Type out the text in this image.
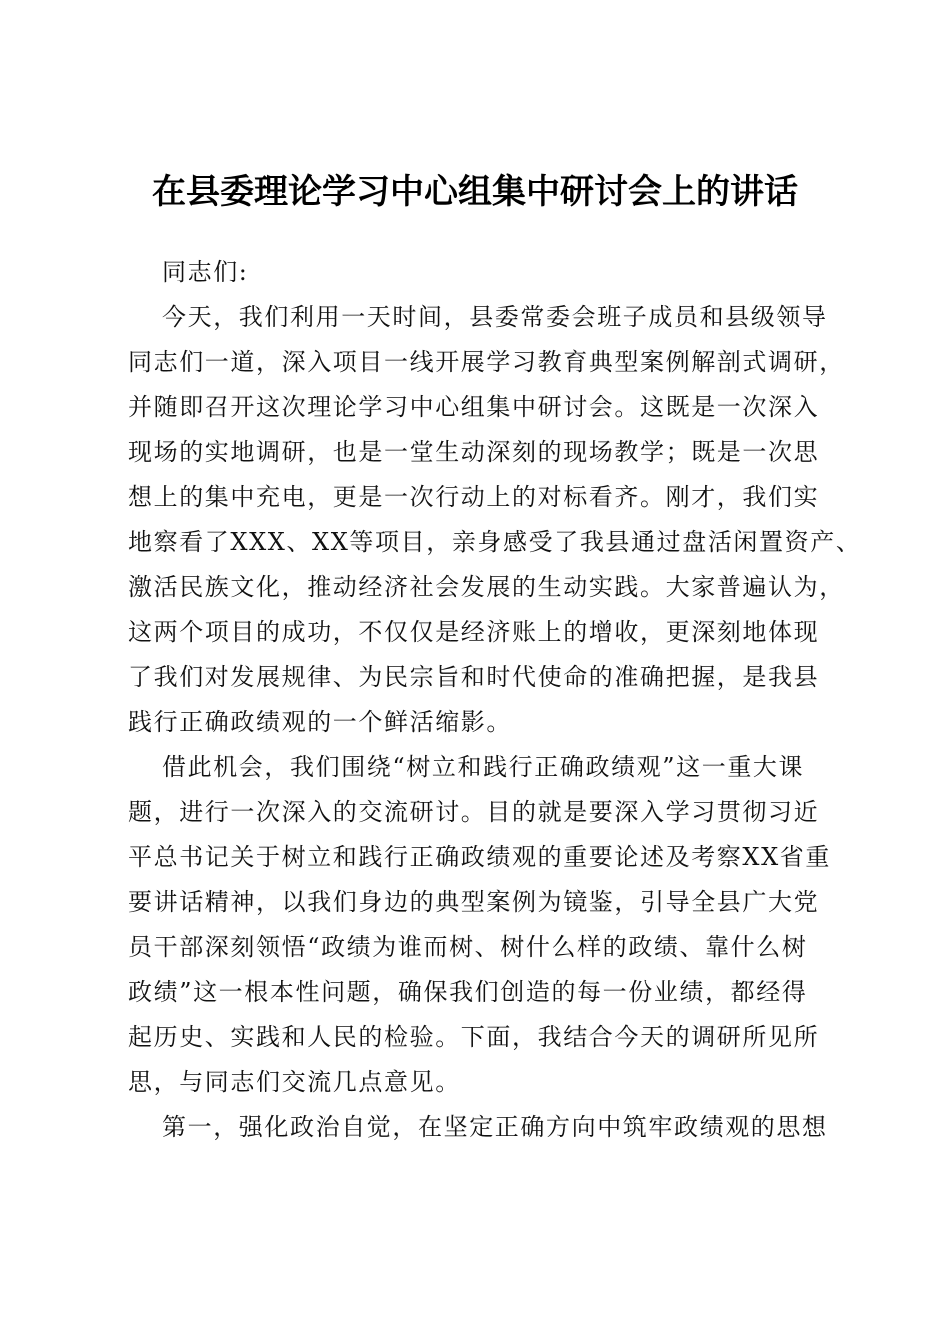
在县委理论学习中心组集中研讨会上的讲话
同志们:
今天，我们利用一天时间，县委常委会班子成员和县级领导
同志们一道，深入项目一线开展学习教育典型案例解剖式调研，
并随即召开这次理论学习中心组集中研讨会。这既是一次深入
现场的实地调研，也是一堂生动深刻的现场教学；既是一次思
想上的集中充电，更是一次行动上的对标看齐。刚才，我们实
地察看了XXX、XX等项目，亲身感受了我县通过盘活闲置资产、
激活民族文化，推动经济社会发展的生动实践。大家普遍认为，
这两个项目的成功，不仅仅是经济账上的增收，更深刻地体现
了我们对发展规律、为民宗旨和时代使命的准确把握，是我县
践行正确政绩观的一个鲜活缩影。
借此机会，我们围绕“树立和践行正确政绩观”这一重大课
题，进行一次深入的交流研讨。目的就是要深入学习贯彻习近
平总书记关于树立和践行正确政绩观的重要论述及考察XX省重
要讲话精神，以我们身边的典型案例为镜鉴，引导全县广大党
员干部深刻领悟“政绩为谁而树、树什么样的政绩、靠什么树
政绩”这一根本性问题，确保我们创造的每一份业绩，都经得
起历史、实践和人民的检验。下面，我结合今天的调研所见所
思，与同志们交流几点意见。
第一，强化政治自觉，在坚定正确方向中筑牢政绩观的思想
